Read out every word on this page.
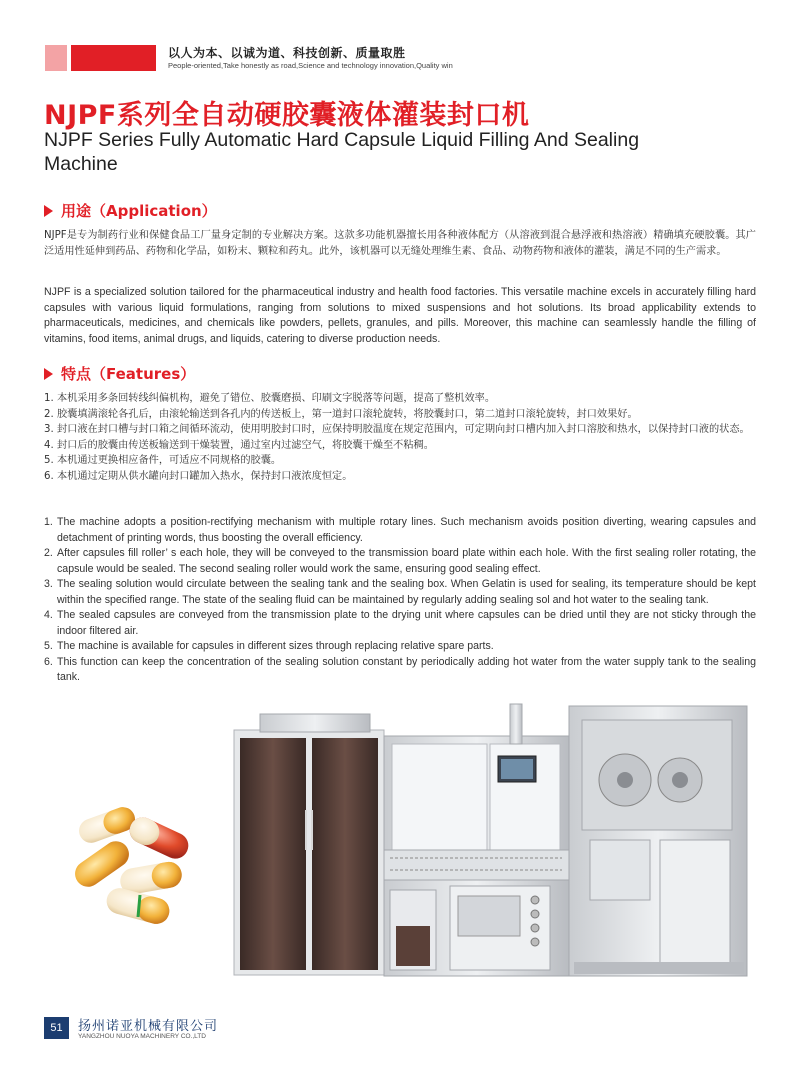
以人为本、以诚为道、科技创新、质量取胜
People-oriented,Take honestly as road,Science and technology innovation,Quality win
NJPF系列全自动硬胶囊液体灌装封口机
NJPF Series Fully Automatic Hard Capsule Liquid Filling And Sealing Machine
用途（Application）
NJPF是专为制药行业和保健食品工厂量身定制的专业解决方案。这款多功能机器擅长用各种液体配方（从溶液到混合悬浮液和热溶液）精确填充硬胶囊。其广泛适用性延伸到药品、药物和化学品，如粉末、颗粒和药丸。此外，该机器可以无缝处理维生素、食品、动物药物和液体的灌装，满足不同的生产需求。
NJPF is a specialized solution tailored for the pharmaceutical industry and health food factories. This versatile machine excels in accurately filling hard capsules with various liquid formulations, ranging from solutions to mixed suspensions and hot solutions. Its broad applicability extends to pharmaceuticals, medicines, and chemicals like powders, pellets, granules, and pills. Moreover, this machine can seamlessly handle the filling of vitamins, food items, animal drugs, and liquids, catering to diverse production needs.
特点（Features）
1. 本机采用多条回转线纠偏机构，避免了错位、胶囊磨损、印刷文字脱落等问题，提高了整机效率。
2. 胶囊填满滚轮各孔后，由滚轮输送到各孔内的传送板上，第一道封口滚轮旋转，将胶囊封口，第二道封口滚轮旋转，封口效果好。
3. 封口液在封口槽与封口箱之间循环流动，使用明胶封口时，应保持明胶温度在规定范围内，可定期向封口槽内加入封口溶胶和热水，以保持封口液的状态。
4. 封口后的胶囊由传送板输送到干燥装置，通过室内过滤空气，将胶囊干燥至不粘稠。
5. 本机通过更换相应备件，可适应不同规格的胶囊。
6. 本机通过定期从供水罐向封口罐加入热水，保持封口液浓度恒定。
1. The machine adopts a position-rectifying mechanism with multiple rotary lines. Such mechanism avoids position diverting, wearing capsules and detachment of printing words, thus boosting the overall efficiency.
2. After capsules fill roller’ s each hole, they will be conveyed to the transmission board plate within each hole. With the first sealing roller rotating, the capsule would be sealed. The second sealing roller would work the same, ensuring good sealing effect.
3. The sealing solution would circulate between the sealing tank and the sealing box. When Gelatin is used for sealing, its temperature should be kept within the specified range. The state of the sealing fluid can be maintained by regularly adding sealing sol and hot water to the sealing tank.
4. The sealed capsules are conveyed from the transmission plate to the drying unit where capsules can be dried until they are not sticky through the indoor filtered air.
5. The machine is available for capsules in different sizes through replacing relative spare parts.
6. This function can keep the concentration of the sealing solution constant by periodically adding hot water from the water supply tank to the sealing tank.
51	扬州诺亚机械有限公司
YANGZHOU NUOYA MACHINERY CO.,LTD
